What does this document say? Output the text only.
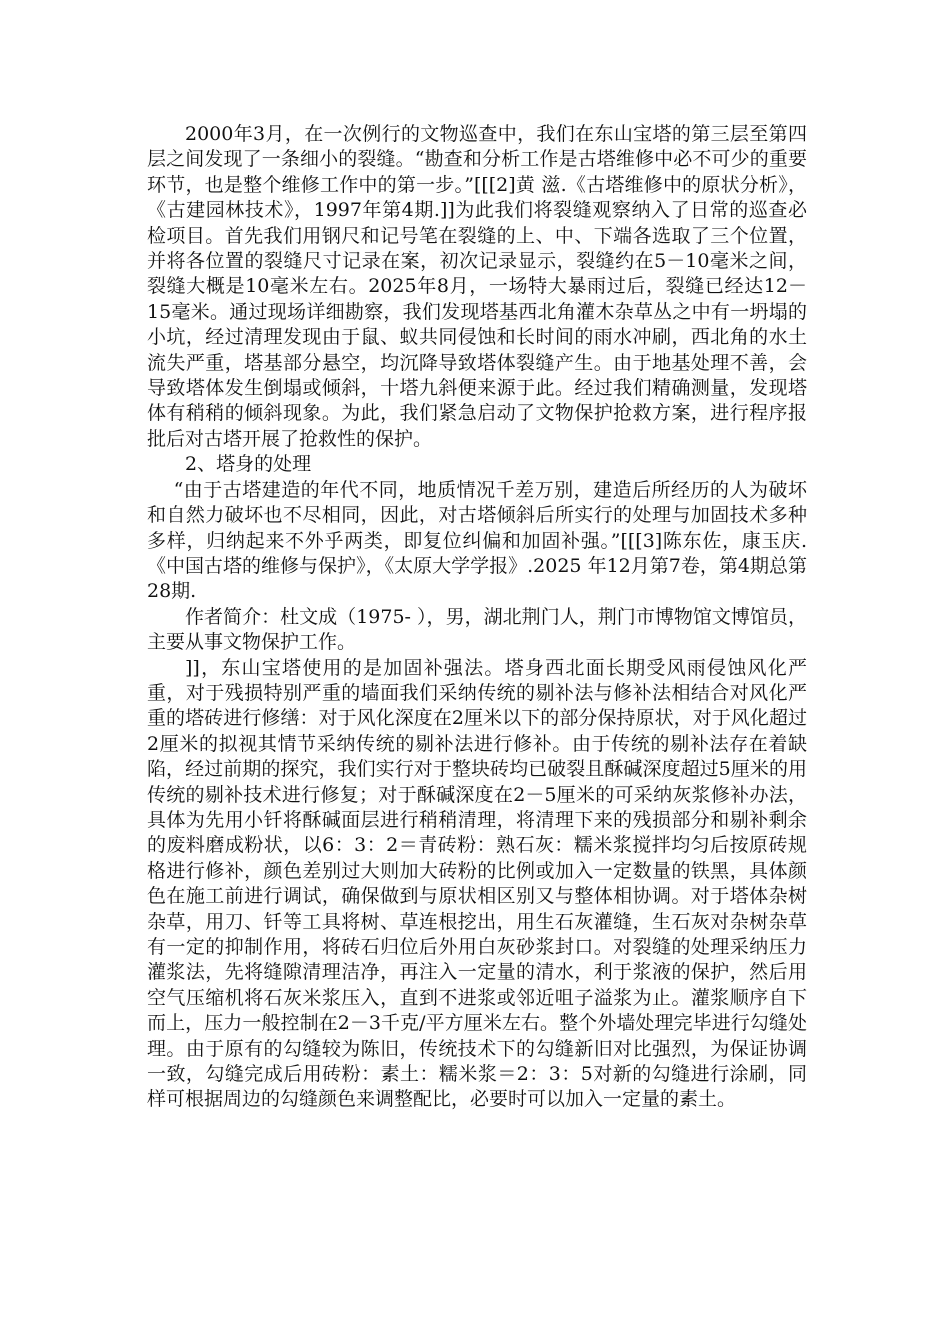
2000年3月，在一次例行的文物巡查中，我们在东山宝塔的第三层至第四层之间发现了一条细小的裂缝。“勘查和分析工作是古塔维修中必不可少的重要环节，也是整个维修工作中的第一步。”[[[2]黄 滋.《古塔维修中的原状分析》，《古建园林技术》，1997年第4期.]]为此我们将裂缝观察纳入了日常的巡查必检项目。首先我们用钢尺和记号笔在裂缝的上、中、下端各选取了三个位置，并将各位置的裂缝尺寸记录在案，初次记录显示，裂缝约在5－10毫米之间，裂缝大概是10毫米左右。2025年8月，一场特大暴雨过后，裂缝已经达12－15毫米。通过现场详细勘察，我们发现塔基西北角灌木杂草丛之中有一坍塌的小坑，经过清理发现由于鼠、蚁共同侵蚀和长时间的雨水冲刷，西北角的水土流失严重，塔基部分悬空，均沉降导致塔体裂缝产生。由于地基处理不善，会导致塔体发生倒塌或倾斜，十塔九斜便来源于此。经过我们精确测量，发现塔体有稍稍的倾斜现象。为此，我们紧急启动了文物保护抢救方案，进行程序报批后对古塔开展了抢救性的保护。

2、塔身的处理

“由于古塔建造的年代不同，地质情况千差万别，建造后所经历的人为破坏和自然力破坏也不尽相同，因此，对古塔倾斜后所实行的处理与加固技术多种多样，归纳起来不外乎两类，即复位纠偏和加固补强。”[[[3]陈东佐，康玉庆.《中国古塔的维修与保护》，《太原大学学报》.2025 年12月第7卷，第4期总第28期.

作者简介：杜文成（1975- ），男，湖北荆门人，荆门市博物馆文博馆员，主要从事文物保护工作。

]]，东山宝塔使用的是加固补强法。塔身西北面长期受风雨侵蚀风化严重，对于残损特别严重的墙面我们采纳传统的剔补法与修补法相结合对风化严重的塔砖进行修缮：对于风化深度在2厘米以下的部分保持原状，对于风化超过2厘米的拟视其情节采纳传统的剔补法进行修补。由于传统的剔补法存在着缺陷，经过前期的探究，我们实行对于整块砖均已破裂且酥碱深度超过5厘米的用传统的剔补技术进行修复；对于酥碱深度在2－5厘米的可采纳灰浆修补办法，具体为先用小钎将酥碱面层进行稍稍清理，将清理下来的残损部分和剔补剩余的废料磨成粉状，以6：3：2＝青砖粉：熟石灰：糯米浆搅拌均匀后按原砖规格进行修补，颜色差别过大则加大砖粉的比例或加入一定数量的铁黑，具体颜色在施工前进行调试，确保做到与原状相区别又与整体相协调。对于塔体杂树杂草，用刀、钎等工具将树、草连根挖出，用生石灰灌缝，生石灰对杂树杂草有一定的抑制作用，将砖石归位后外用白灰砂浆封口。对裂缝的处理采纳压力灌浆法，先将缝隙清理洁净，再注入一定量的清水，利于浆液的保护，然后用空气压缩机将石灰米浆压入，直到不进浆或邻近咀子溢浆为止。灌浆顺序自下而上，压力一般控制在2－3千克/平方厘米左右。整个外墙处理完毕进行勾缝处理。由于原有的勾缝较为陈旧，传统技术下的勾缝新旧对比强烈，为保证协调一致，勾缝完成后用砖粉：素土：糯米浆＝2：3：5对新的勾缝进行涂刷，同样可根据周边的勾缝颜色来调整配比，必要时可以加入一定量的素土。
